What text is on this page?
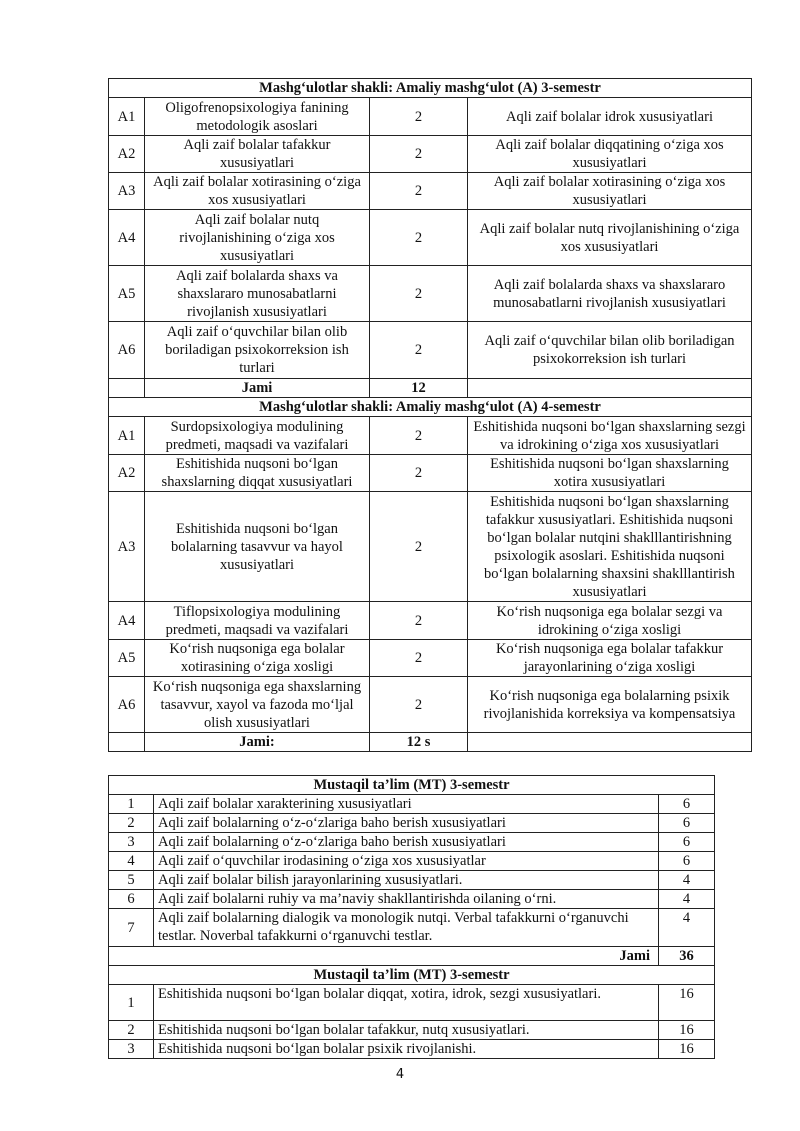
Mashg‘ulotlar shakli: Amaliy mashg‘ulot (A) 3-semestr			
A1	Oligofrenopsixologiya fanining metodologik asoslari	2	Aqli zaif bolalar idrok xususiyatlari
A2	Aqli zaif bolalar tafakkur xususiyatlari	2	Aqli zaif bolalar diqqatining o‘ziga xos xususiyatlari
A3	Aqli zaif bolalar xotirasining o‘ziga xos xususiyatlari	2	Aqli zaif bolalar xotirasining o‘ziga xos xususiyatlari
A4	Aqli zaif bolalar nutq rivojlanishining o‘ziga xos xususiyatlari	2	Aqli zaif bolalar nutq rivojlanishining o‘ziga xos xususiyatlari
A5	Aqli zaif bolalarda shaxs va shaxslararo munosabatlarni rivojlanish xususiyatlari	2	Aqli zaif bolalarda shaxs va shaxslararo munosabatlarni rivojlanish xususiyatlari
A6	Aqli zaif o‘quvchilar bilan olib boriladigan psixokorreksion ish turlari	2	Aqli zaif o‘quvchilar bilan olib boriladigan psixokorreksion ish turlari
	Jami	12	
Mashg‘ulotlar shakli: Amaliy mashg‘ulot (A) 4-semestr			
A1	Surdopsixologiya modulining predmeti, maqsadi va vazifalari	2	Eshitishida nuqsoni bo‘lgan shaxslarning sezgi va idrokining o‘ziga xos xususiyatlari
A2	Eshitishida nuqsoni bo‘lgan shaxslarning diqqat xususiyatlari	2	Eshitishida nuqsoni bo‘lgan shaxslarning xotira xususiyatlari
A3	Eshitishida nuqsoni bo‘lgan bolalarning tasavvur va hayol xususiyatlari	2	Eshitishida nuqsoni bo‘lgan shaxslarning tafakkur xususiyatlari. Eshitishida nuqsoni bo‘lgan bolalar nutqini shaklllantirishning psixologik asoslari. Eshitishida nuqsoni bo‘lgan bolalarning shaxsini shaklllantirish xususiyatlari
A4	Tiflopsixologiya modulining predmeti, maqsadi va vazifalari	2	Ko‘rish nuqsoniga ega bolalar sezgi va idrokining o‘ziga xosligi
A5	Ko‘rish nuqsoniga ega bolalar xotirasining o‘ziga xosligi	2	Ko‘rish nuqsoniga ega bolalar tafakkur jarayonlarining o‘ziga xosligi
A6	Ko‘rish nuqsoniga ega shaxslarning tasavvur, xayol va fazoda mo‘ljal olish xususiyatlari	2	Ko‘rish nuqsoniga ega bolalarning psixik rivojlanishida korreksiya va kompensatsiya
	Jami:	12 s	
Mustaqil ta’lim (MT) 3-semestr		
1	Aqli zaif bolalar xarakterining xususiyatlari	6
2	Aqli zaif bolalarning o‘z-o‘zlariga baho berish xususiyatlari	6
3	Aqli zaif bolalarning o‘z-o‘zlariga baho berish xususiyatlari	6
4	Aqli zaif o‘quvchilar irodasining o‘ziga xos xususiyatlar	6
5	Aqli zaif bolalar bilish jarayonlarining xususiyatlari.	4
6	Aqli zaif bolalarni ruhiy va ma’naviy shakllantirishda oilaning o‘rni.	4
7	Aqli zaif bolalarning dialogik va monologik nutqi. Verbal tafakkurni o‘rganuvchi testlar. Noverbal tafakkurni o‘rganuvchi testlar.	4
Jami		36
Mustaqil ta’lim (MT) 3-semestr		
1	Eshitishida nuqsoni bo‘lgan bolalar diqqat, xotira, idrok, sezgi xususiyatlari.	16
2	Eshitishida nuqsoni bo‘lgan bolalar tafakkur, nutq xususiyatlari.	16
3	Eshitishida nuqsoni bo‘lgan bolalar psixik rivojlanishi.	16
4
